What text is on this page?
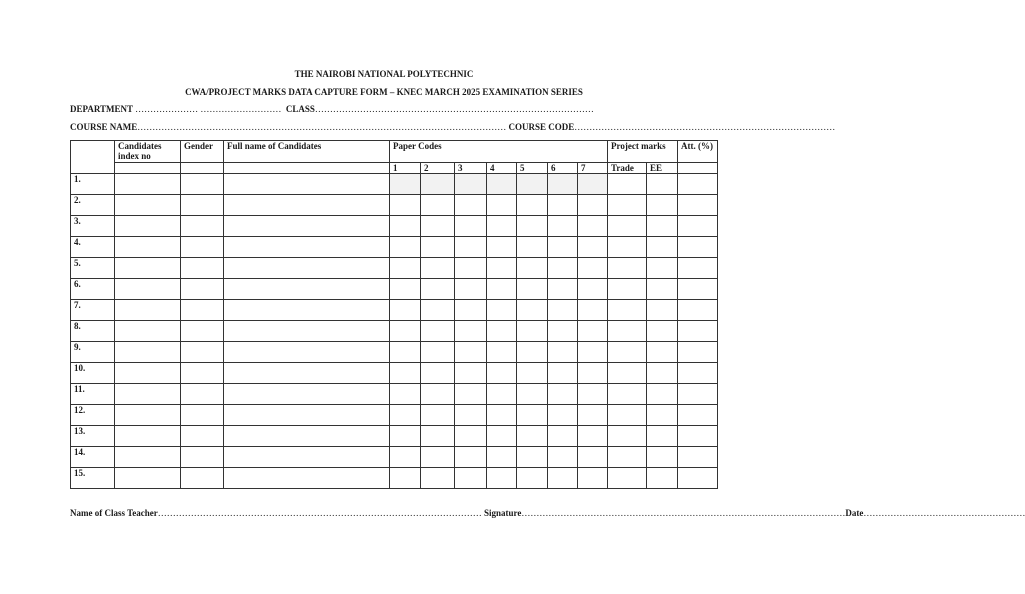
THE NAIROBI NATIONAL POLYTECHNIC
CWA/PROJECT MARKS DATA CAPTURE FORM – KNEC MARCH 2025 EXAMINATION SERIES
DEPARTMENT ………………… ……………………… CLASS…………………………………………………………………………………
COURSE NAME…………………………………………………………………………………………………………… COURSE CODE……………………………………………………………………………
	Candidates index no	Gender	Full name of Candidates	Paper Codes							Project marks		Att. (%)
				1	2	3	4	5	6	7	Trade	EE	
1.													
2.													
3.													
4.													
5.													
6.													
7.													
8.													
9.													
10.													
11.													
12.													
13.													
14.													
15.													
Name of Class Teacher……………………………………………………………………………………………… Signature………………………………………………………………………………………………Date………………………………………………
